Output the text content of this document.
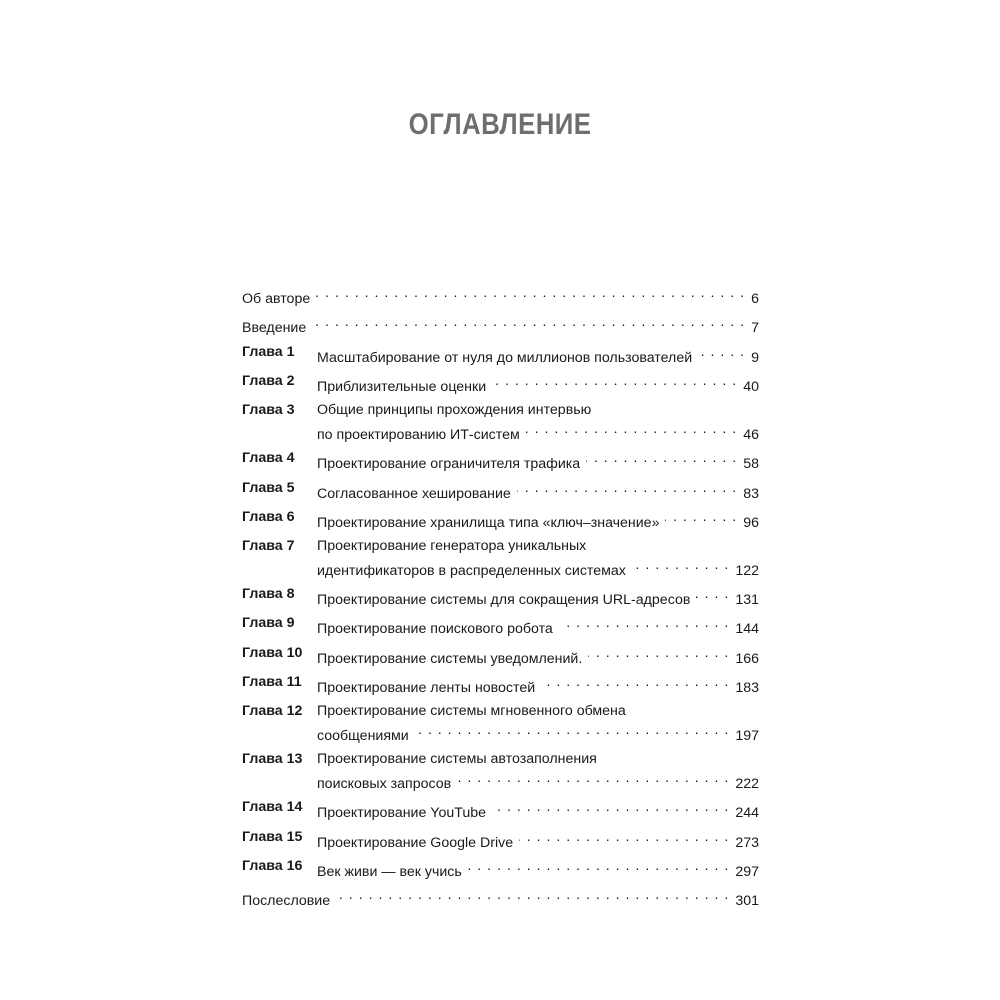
ОГЛАВЛЕНИЕ
Об авторе . . .	6
Введение . . .	7
Глава 1 Масштабирование от нуля до миллионов пользователей . . .	9
Глава 2 Приблизительные оценки . . .	40
Глава 3 Общие принципы прохождения интервью
по проектированию ИТ-систем . . .	46
Глава 4 Проектирование ограничителя трафика . . .	58
Глава 5 Согласованное хеширование . . .	83
Глава 6 Проектирование хранилища типа «ключ–значение» . . .	96
Глава 7 Проектирование генератора уникальных
идентификаторов в распределенных системах . . .	122
Глава 8 Проектирование системы для сокращения URL-адресов . . .	131
Глава 9 Проектирование поискового робота . . .	144
Глава 10 Проектирование системы уведомлений. . . .	166
Глава 11 Проектирование ленты новостей . . .	183
Глава 12 Проектирование системы мгновенного обмена
сообщениями . . .	197
Глава 13 Проектирование системы автозаполнения
поисковых запросов . . .	222
Глава 14 Проектирование YouTube . . .	244
Глава 15 Проектирование Google Drive . . .	273
Глава 16 Век живи — век учись . . .	297
Послесловие . . .	301
